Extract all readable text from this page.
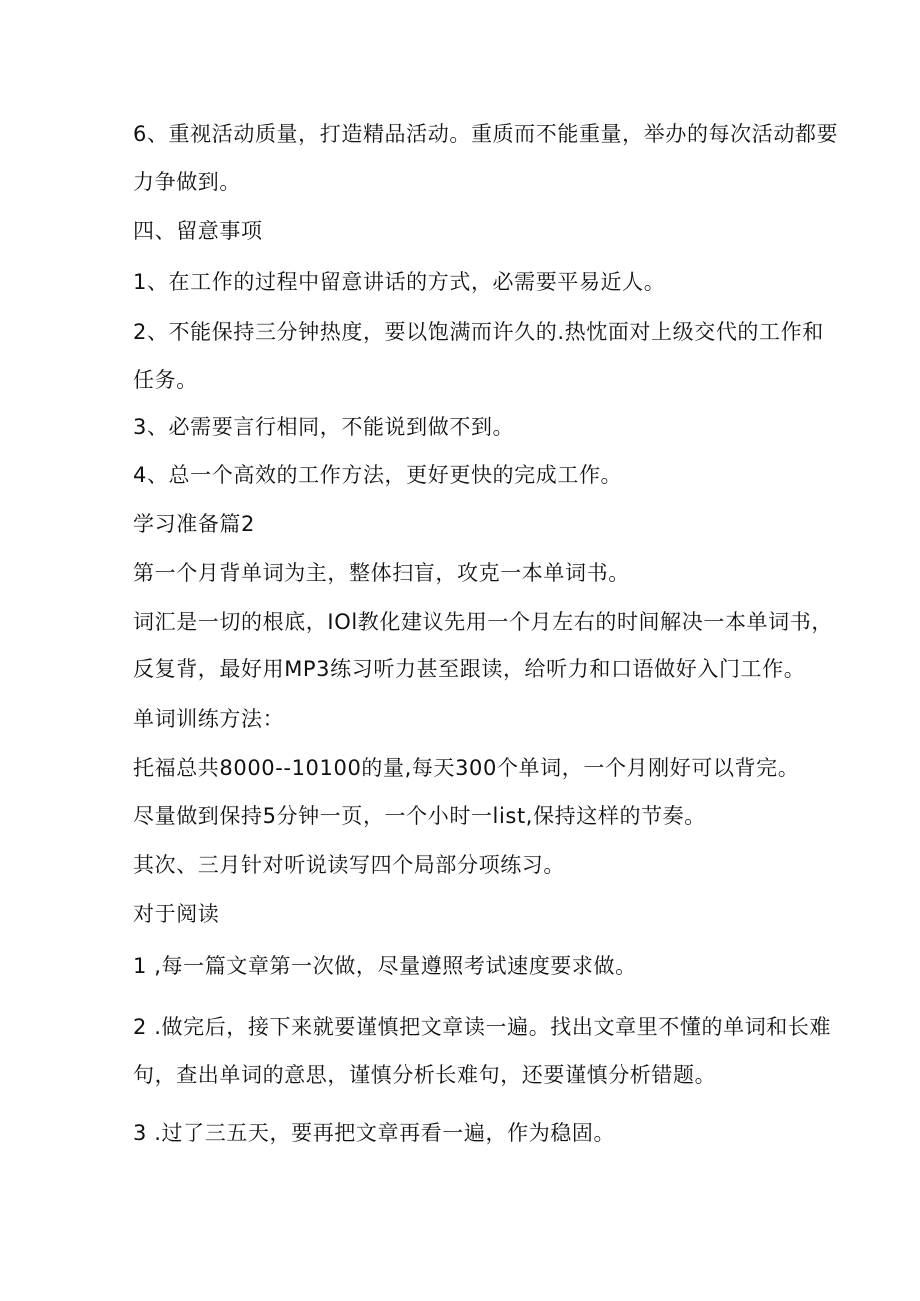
6、重视活动质量，打造精品活动。重质而不能重量，举办的每次活动都要

力争做到。

四、留意事项

1、在工作的过程中留意讲话的方式，必需要平易近人。

2、不能保持三分钟热度，要以饱满而许久的.热忱面对上级交代的工作和

任务。

3、必需要言行相同，不能说到做不到。

4、总一个高效的工作方法，更好更快的完成工作。

学习准备篇2

第一个月背单词为主，整体扫盲，攻克一本单词书。

词汇是一切的根底，IOl教化建议先用一个月左右的时间解决一本单词书，

反复背，最好用MP3练习听力甚至跟读，给听力和口语做好入门工作。

单词训练方法：

托福总共8000--10100的量,每天300个单词，一个月刚好可以背完。

尽量做到保持5分钟一页，一个小时一list,保持这样的节奏。

其次、三月针对听说读写四个局部分项练习。

对于阅读

1 ,每一篇文章第一次做，尽量遵照考试速度要求做。

2 .做完后，接下来就要谨慎把文章读一遍。找出文章里不懂的单词和长难

句，查出单词的意思，谨慎分析长难句，还要谨慎分析错题。

3 .过了三五天，要再把文章再看一遍，作为稳固。
